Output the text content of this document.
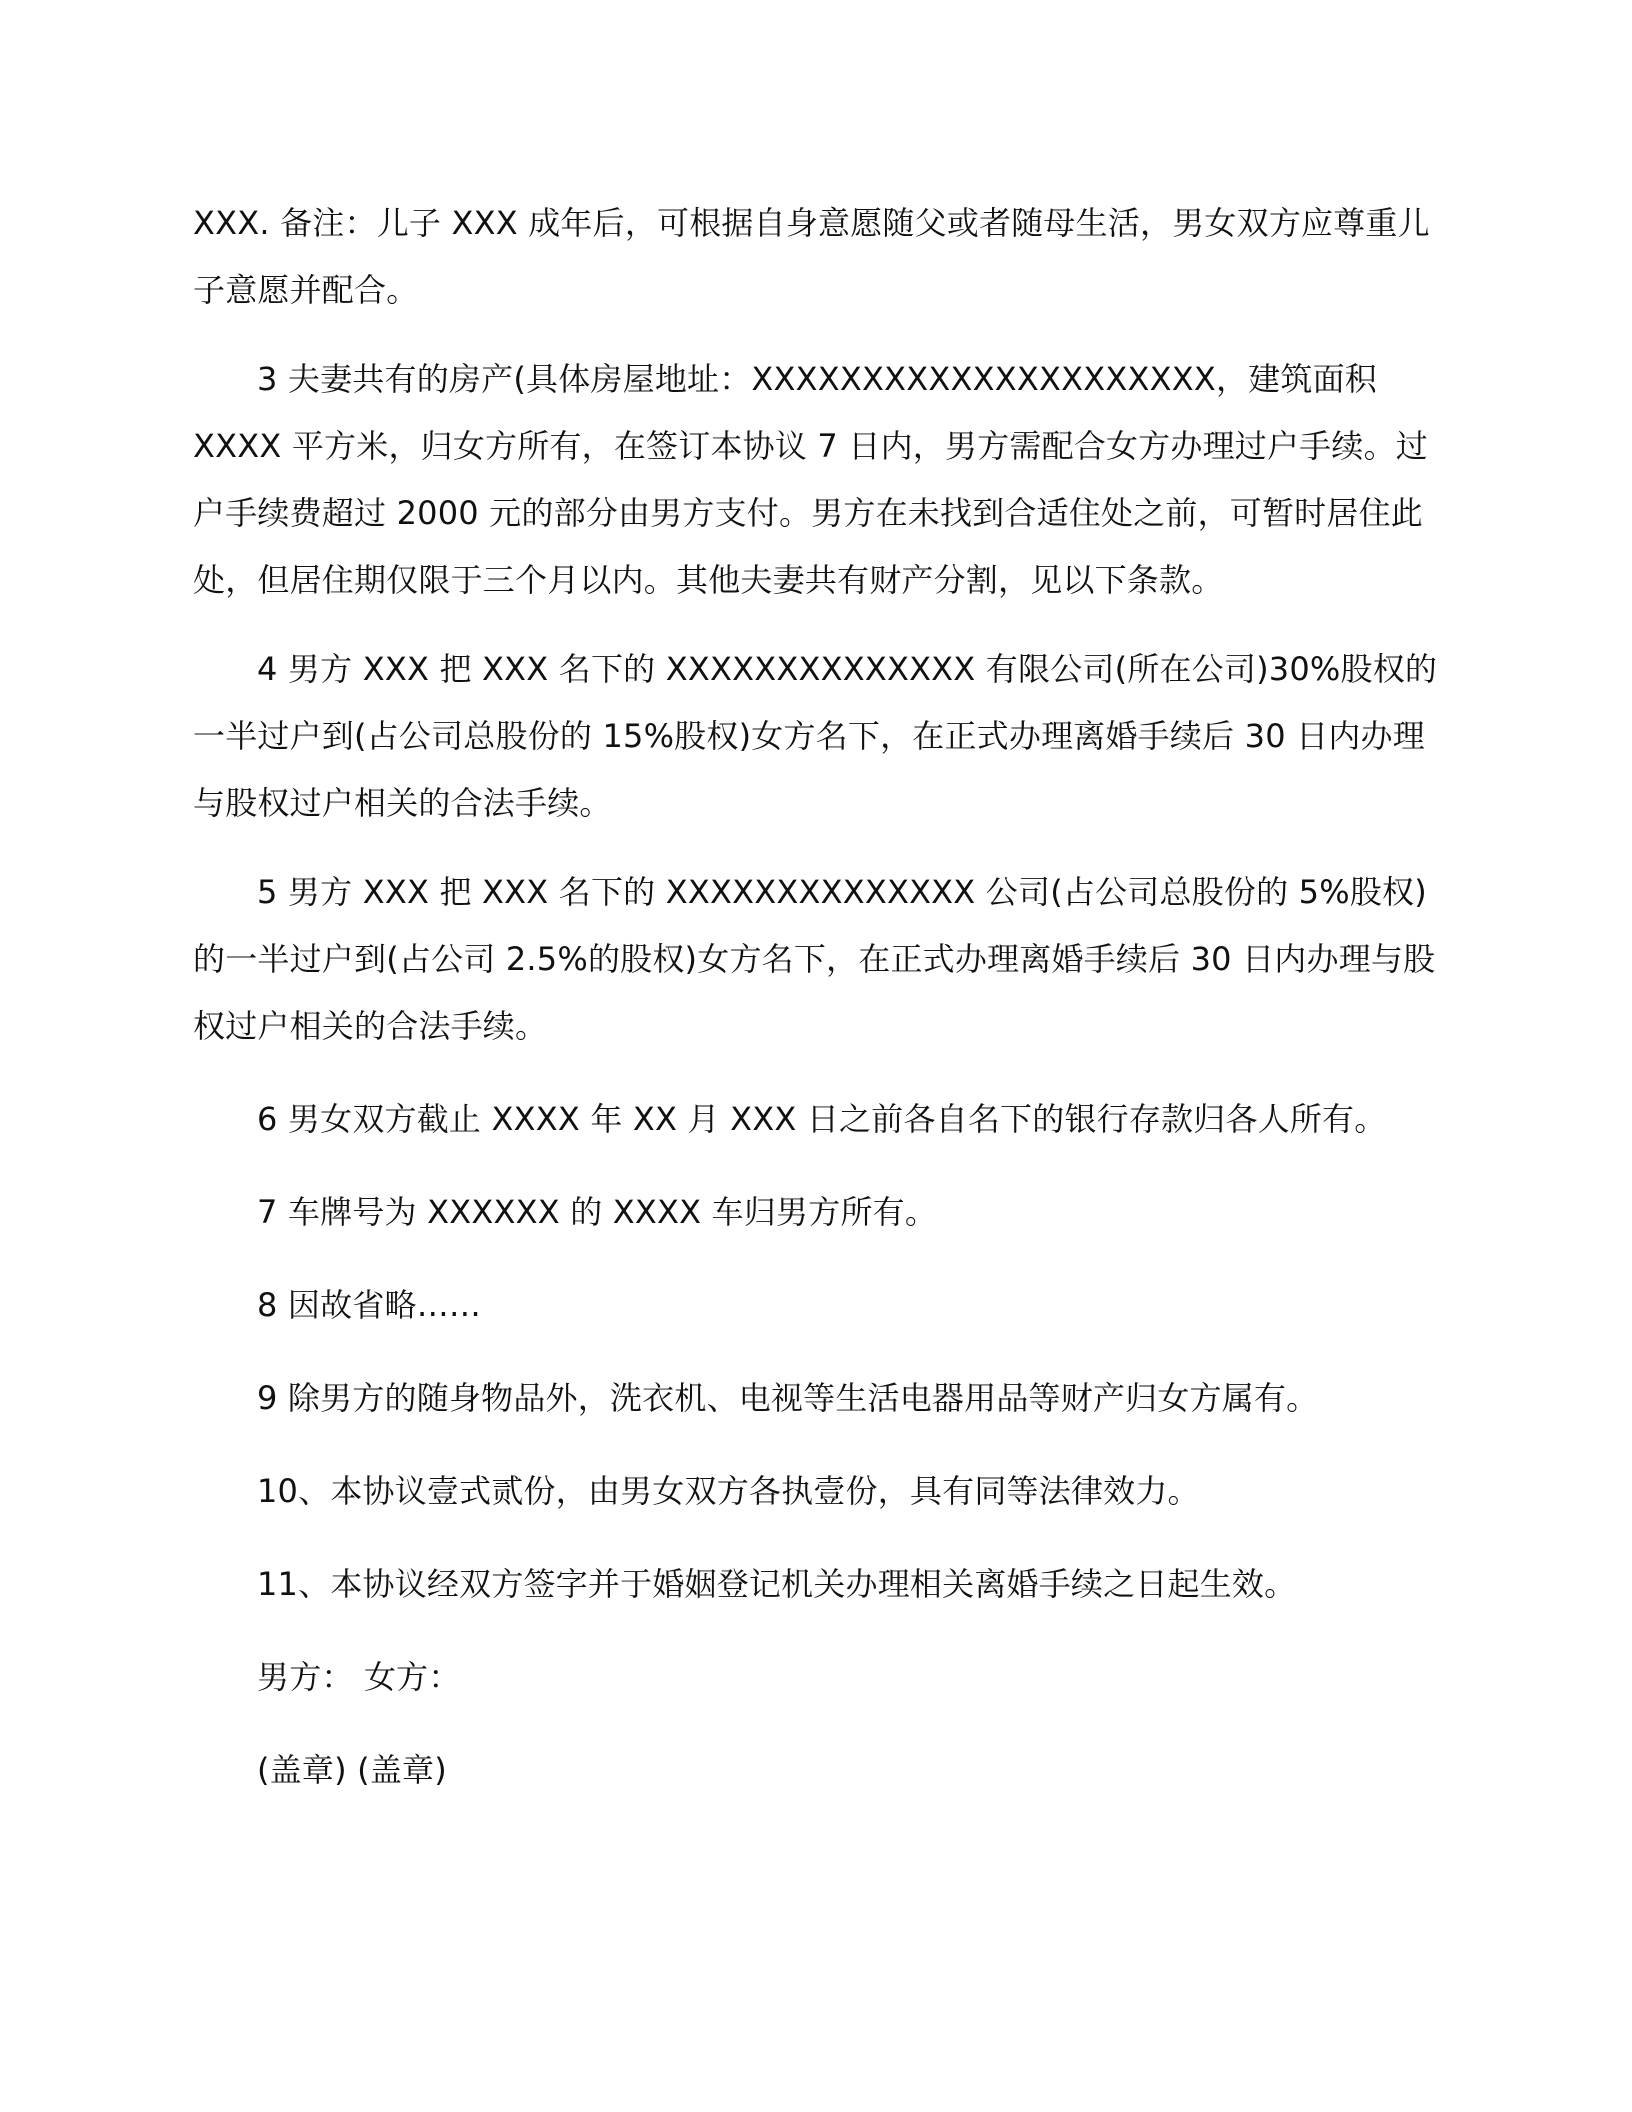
XXX. 备注：儿子 XXX 成年后，可根据自身意愿随父或者随母生活，男女双方应尊重儿子意愿并配合。

3 夫妻共有的房产(具体房屋地址：XXXXXXXXXXXXXXXXXXXXX，建筑面积 XXXX 平方米，归女方所有，在签订本协议 7 日内，男方需配合女方办理过户手续。过户手续费超过 2000 元的部分由男方支付。男方在未找到合适住处之前，可暂时居住此处，但居住期仅限于三个月以内。其他夫妻共有财产分割，见以下条款。

4 男方 XXX 把 XXX 名下的 XXXXXXXXXXXXXX 有限公司(所在公司)30%股权的一半过户到(占公司总股份的 15%股权)女方名下，在正式办理离婚手续后 30 日内办理与股权过户相关的合法手续。

5 男方 XXX 把 XXX 名下的 XXXXXXXXXXXXXX 公司(占公司总股份的 5%股权)的一半过户到(占公司 2.5%的股权)女方名下，在正式办理离婚手续后 30 日内办理与股权过户相关的合法手续。

6 男女双方截止 XXXX 年 XX 月 XXX 日之前各自名下的银行存款归各人所有。

7 车牌号为 XXXXXX 的 XXXX 车归男方所有。

8 因故省略……

9 除男方的随身物品外，洗衣机、电视等生活电器用品等财产归女方属有。

10、本协议壹式贰份，由男女双方各执壹份，具有同等法律效力。

11、本协议经双方签字并于婚姻登记机关办理相关离婚手续之日起生效。

男方： 女方：

(盖章) (盖章)
